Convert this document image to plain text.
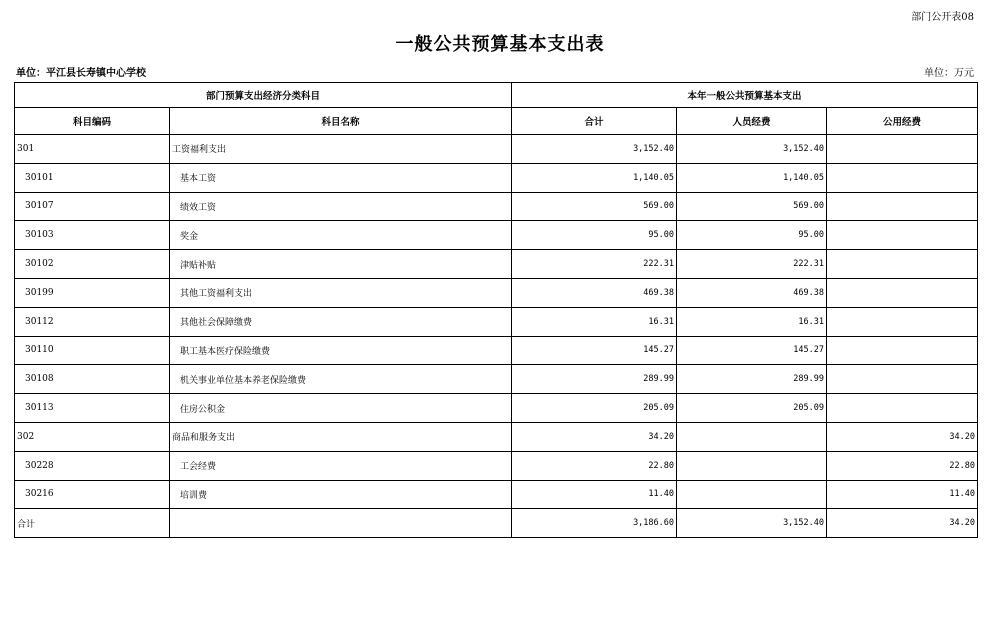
部门公开表08
一般公共预算基本支出表
单位：平江县长寿镇中心学校	单位：万元
部门预算支出经济分类科目		本年一般公共预算基本支出		
科目编码	科目名称	合计	人员经费	公用经费
301	工资福利支出	3,152.40	3,152.40	
30101	基本工资	1,140.05	1,140.05	
30107	绩效工资	569.00	569.00	
30103	奖金	95.00	95.00	
30102	津贴补贴	222.31	222.31	
30199	其他工资福利支出	469.38	469.38	
30112	其他社会保障缴费	16.31	16.31	
30110	职工基本医疗保险缴费	145.27	145.27	
30108	机关事业单位基本养老保险缴费	289.99	289.99	
30113	住房公积金	205.09	205.09	
302	商品和服务支出	34.20		34.20
30228	工会经费	22.80		22.80
30216	培训费	11.40		11.40
合计		3,186.60	3,152.40	34.20
